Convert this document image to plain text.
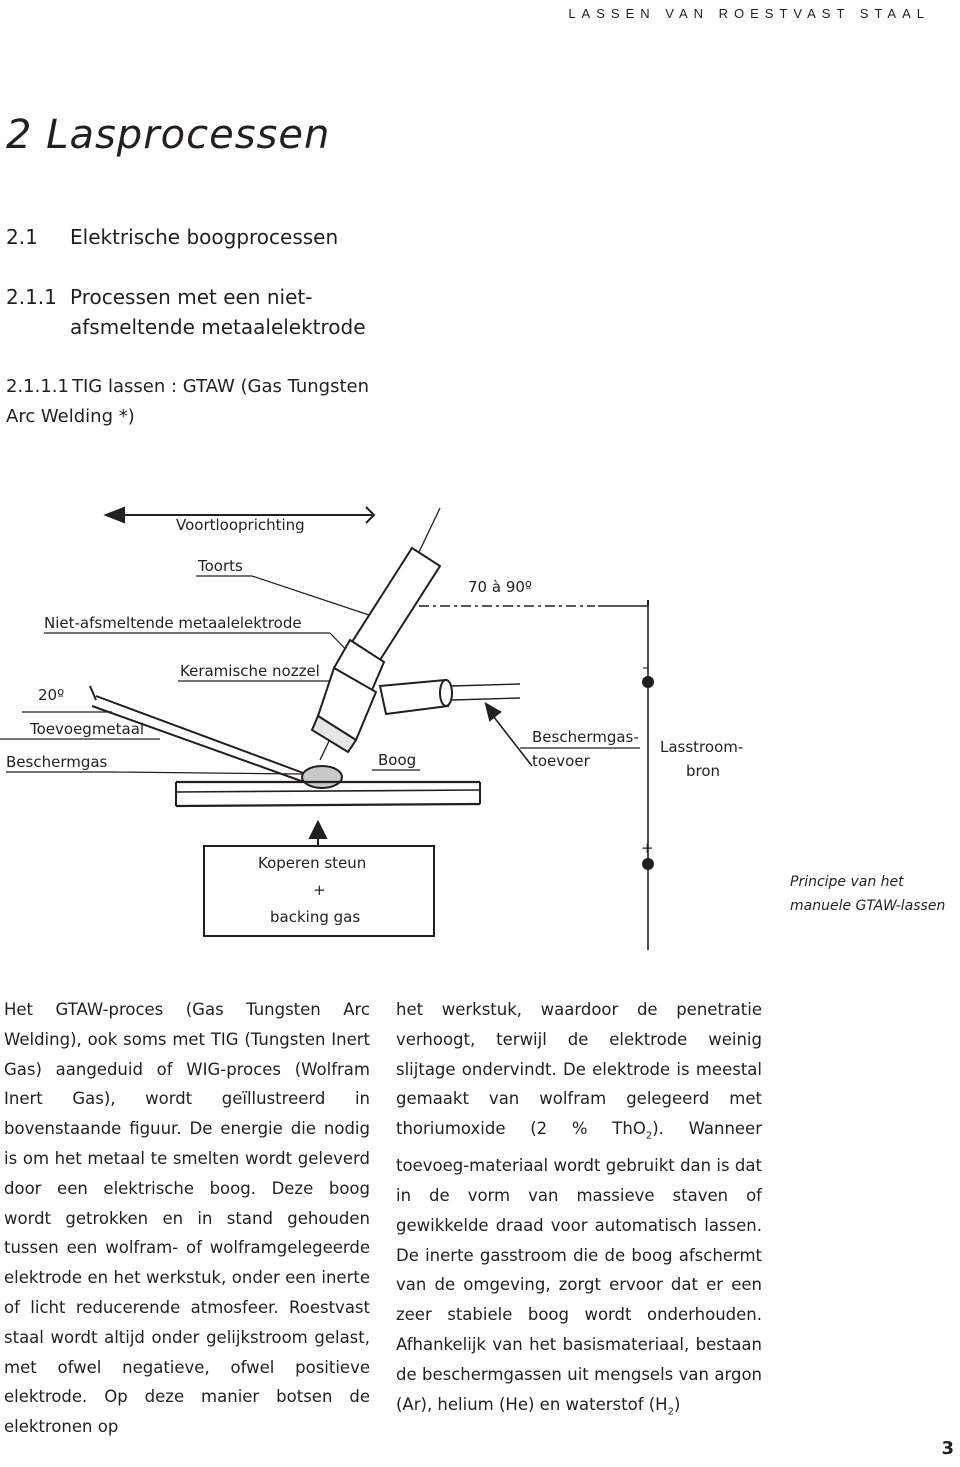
LASSEN VAN ROESTVAST STAAL
2 Lasprocessen
2.1 Elektrische boogprocessen
2.1.1 Processen met een niet-
afsmeltende metaalelektrode
2.1.1.1 TIG lassen : GTAW (Gas Tungsten
Arc Welding *)
Voortlooprichting
Toorts
70 à 90º
Niet-afsmeltende metaalelektrode
Keramische nozzel
20º
Toevoegmetaal
Beschermgas	Boog
Beschermgas-
toevoer
Lasstroom-
bron
–
+
Koperen steun
+
backing gas
Principe van het
manuele GTAW-lassen

Het GTAW-proces (Gas Tungsten Arc Welding), ook soms met TIG (Tungsten Inert Gas) aangeduid of WIG-proces (Wolfram Inert Gas), wordt geïllustreerd in bovenstaande figuur. De energie die nodig is om het metaal te smelten wordt geleverd door een elektrische boog. Deze boog wordt getrokken en in stand gehouden tussen een wolfram- of wolframgelegeerde elektrode en het werkstuk, onder een inerte of licht reducerende atmosfeer. Roestvast staal wordt altijd onder gelijkstroom gelast, met ofwel negatieve, ofwel positieve elektrode. Op deze manier botsen de elektronen op

het werkstuk, waardoor de penetratie verhoogt, terwijl de elektrode weinig slijtage ondervindt. De elektrode is meestal gemaakt van wolfram gelegeerd met thoriumoxide (2 % ThO$_2$). Wanneer toevoeg-materiaal wordt gebruikt dan is dat in de vorm van massieve staven of gewikkelde draad voor automatisch lassen. De inerte gasstroom die de boog afschermt van de omgeving, zorgt ervoor dat er een zeer stabiele boog wordt onderhouden. Afhankelijk van het basismateriaal, bestaan de beschermgassen uit mengsels van argon (Ar), helium (He) en waterstof $(H_2)$

3
